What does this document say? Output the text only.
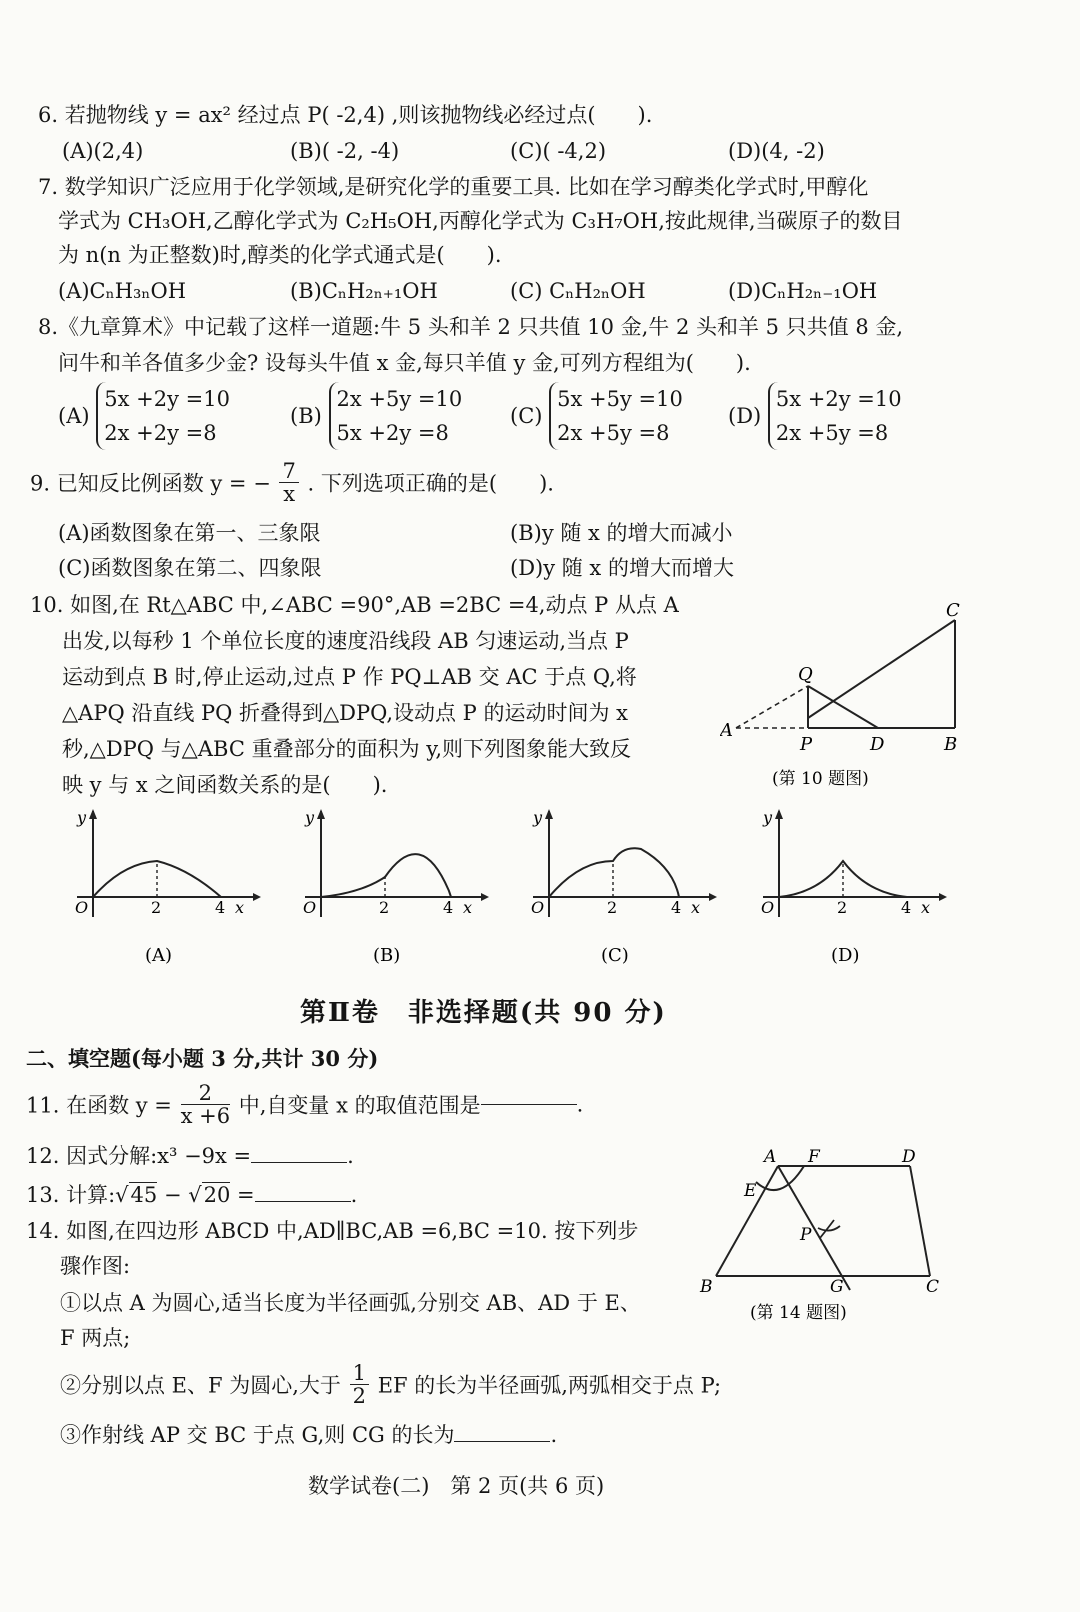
6. 若抛物线 y = ax² 经过点 P( -2,4) ,则该抛物线必经过点(　　).
(A)(2,4)	(B)( -2, -4)	(C)( -4,2)	(D)(4, -2)
7. 数学知识广泛应用于化学领域,是研究化学的重要工具. 比如在学习醇类化学式时,甲醇化
学式为 CH₃OH,乙醇化学式为 C₂H₅OH,丙醇化学式为 C₃H₇OH,按此规律,当碳原子的数目
为 n(n 为正整数)时,醇类的化学式通式是(　　).
(A)CₙH₃ₙOH	(B)CₙH₂ₙ₊₁OH	(C) CₙH₂ₙOH	(D)CₙH₂ₙ₋₁OH
8.《九章算术》中记载了这样一道题:牛 5 头和羊 2 只共值 10 金,牛 2 头和羊 5 只共值 8 金,
问牛和羊各值多少金? 设每头牛值 x 金,每只羊值 y 金,可列方程组为(　　).
(A) 5x +2y =10
2x +2y =8
(B) 2x +5y =10
5x +2y =8
(C) 5x +5y =10
2x +5y =8
(D) 5x +2y =10
2x +5y =8
9. 已知反比例函数 y = − $\frac{7}{x}$ . 下列选项正确的是(　　).
(A)函数图象在第一、三象限	(B)y 随 x 的增大而减小
(C)函数图象在第二、四象限	(D)y 随 x 的增大而增大
10. 如图,在 Rt△ABC 中,∠ABC =90°,AB =2BC =4,动点 P 从点 A
出发,以每秒 1 个单位长度的速度沿线段 AB 匀速运动,当点 P
运动到点 B 时,停止运动,过点 P 作 PQ⊥AB 交 AC 于点 Q,将
△APQ 沿直线 PQ 折叠得到△DPQ,设动点 P 的运动时间为 x
秒,△DPQ 与△ABC 重叠部分的面积为 y,则下列图象能大致反
映 y 与 x 之间函数关系的是(　　).
C
Q
A
P	D	B
(第 10 题图)
y
O	2	4 x
(A)
y
O	2	4 x
(B)
y
O	2	4 x
(C)
y
O	2	4 x
(D)
第Ⅱ卷　非选择题(共 90 分)
二、填空题(每小题 3 分,共计 30 分)
11. 在函数 $y = \frac{2}{x +6}$ 中,自变量 x 的取值范围是	.
12. 因式分解:x³ −9x =	.
13. 计算:√45 − √20 =	.
14. 如图,在四边形 ABCD 中,AD∥BC,AB =6,BC =10. 按下列步
骤作图:
①以点 A 为圆心,适当长度为半径画弧,分别交 AB、AD 于 E、
F 两点;
②分别以点 E、F 为圆心,大于 $\frac{1}{2}$ EF 的长为半径画弧,两弧相交于点 P;
③作射线 AP 交 BC 于点 G,则 CG 的长为	.
A F	D
E
P
B	G	C
(第 14 题图)
数学试卷(二)　第 2 页(共 6 页)
